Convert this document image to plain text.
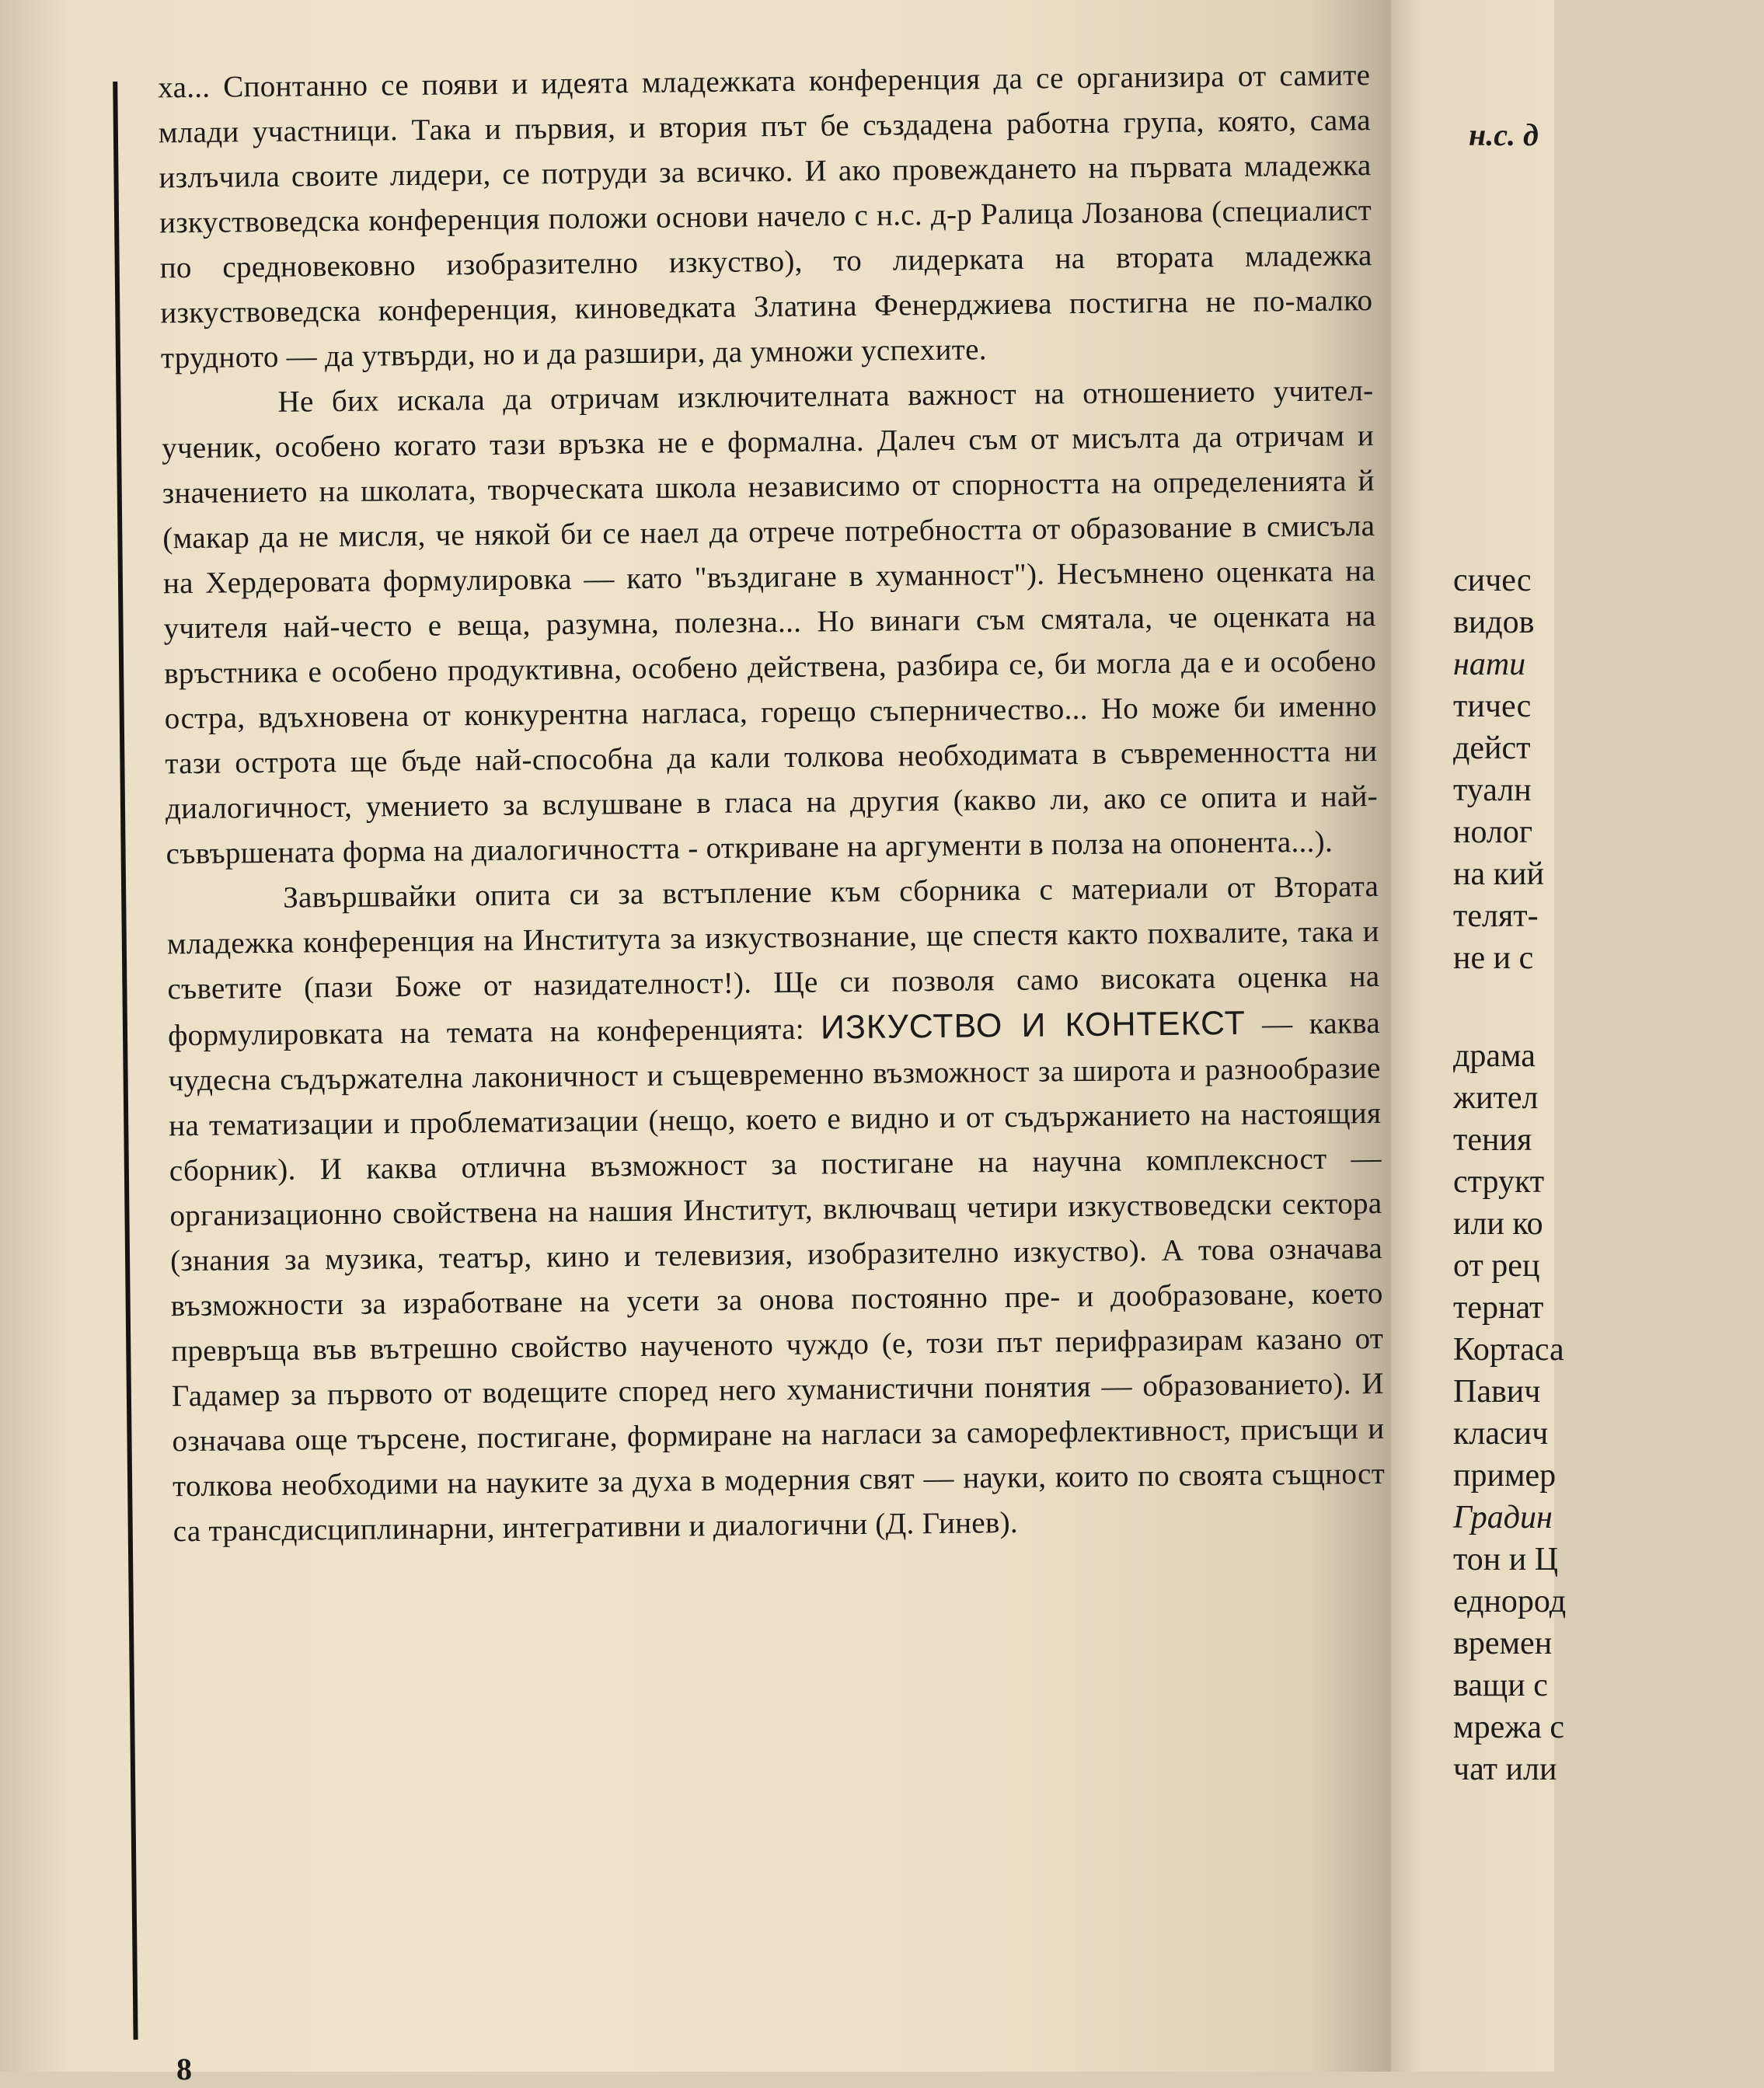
ха... Спонтанно се появи и идеята младежката конференция да се организира от самите млади участници. Така и първия, и втория път бе създадена работна група, която, сама излъчила своите лидери, се потруди за всичко. И ако провеждането на първата младежка изкуствоведска конференция положи основи начело с н.с. д-р Ралица Лозанова (специалист по средновековно изобразително изкуство), то лидерката на втората младежка изкуствоведска конференция, киноведката Златина Фенерджиева постигна не по-малко трудното — да утвърди, но и да разшири, да умножи успехите.

Не бих искала да отричам изключителната важност на отношението учител-ученик, особено когато тази връзка не е формална. Далеч съм от мисълта да отричам и значението на школата, творческата школа независимо от спорността на определенията й (макар да не мисля, че някой би се наел да отрече потребността от образование в смисъла на Хердеровата формулировка — като "въздигане в хуманност"). Несъмнено оценката на учителя най-често е веща, разумна, полезна... Но винаги съм смятала, че оценката на връстника е особено продуктивна, особено действена, разбира се, би могла да е и особено остра, вдъхновена от конкурентна нагласа, горещо съперничество... Но може би именно тази острота ще бъде най-способна да кали толкова необходимата в съвременността ни диалогичност, умението за вслушване в гласа на другия (какво ли, ако се опита и най-съвършената форма на диалогичността - откриване на аргументи в полза на опонента...).

Завършвайки опита си за встъпление към сборника с материали от Втората младежка конференция на Института за изкуствознание, ще спестя както похвалите, така и съветите (пази Боже от назидателност!). Ще си позволя само високата оценка на формулировката на темата на конференцията: ИЗКУСТВО И КОНТЕКСТ — каква чудесна съдържателна лаконичност и същевременно възможност за широта и разнообразие на тематизации и проблематизации (нещо, което е видно и от съдържанието на настоящия сборник). И каква отлична възможност за постигане на научна комплексност — организационно свойствена на нашия Институт, включващ четири изкуствоведски сектора (знания за музика, театър, кино и телевизия, изобразително изкуство). А това означава възможности за изработване на усети за онова постоянно пре- и дообразоване, което превръща във вътрешно свойство наученото чуждо (е, този път перифразирам казано от Гадамер за първото от водещите според него хуманистични понятия — образованието). И означава още търсене, постигане, формиране на нагласи за саморефлективност, присъщи и толкова необходими на науките за духа в модерния свят — науки, които по своята същност са трансдисциплинарни, интегративни и диалогични (Д. Гинев).

8
н.с. д
сичес
видов
нати
тичес
дейст
туалн
нолог
на кий
телят-
не и с
драма
жител
тения
структ
или ко
от рец
тернат
Кортаса
Павич
класич
пример
Градин
тон и Ц
еднород
времен
ващи с
мрежа с
чат или
